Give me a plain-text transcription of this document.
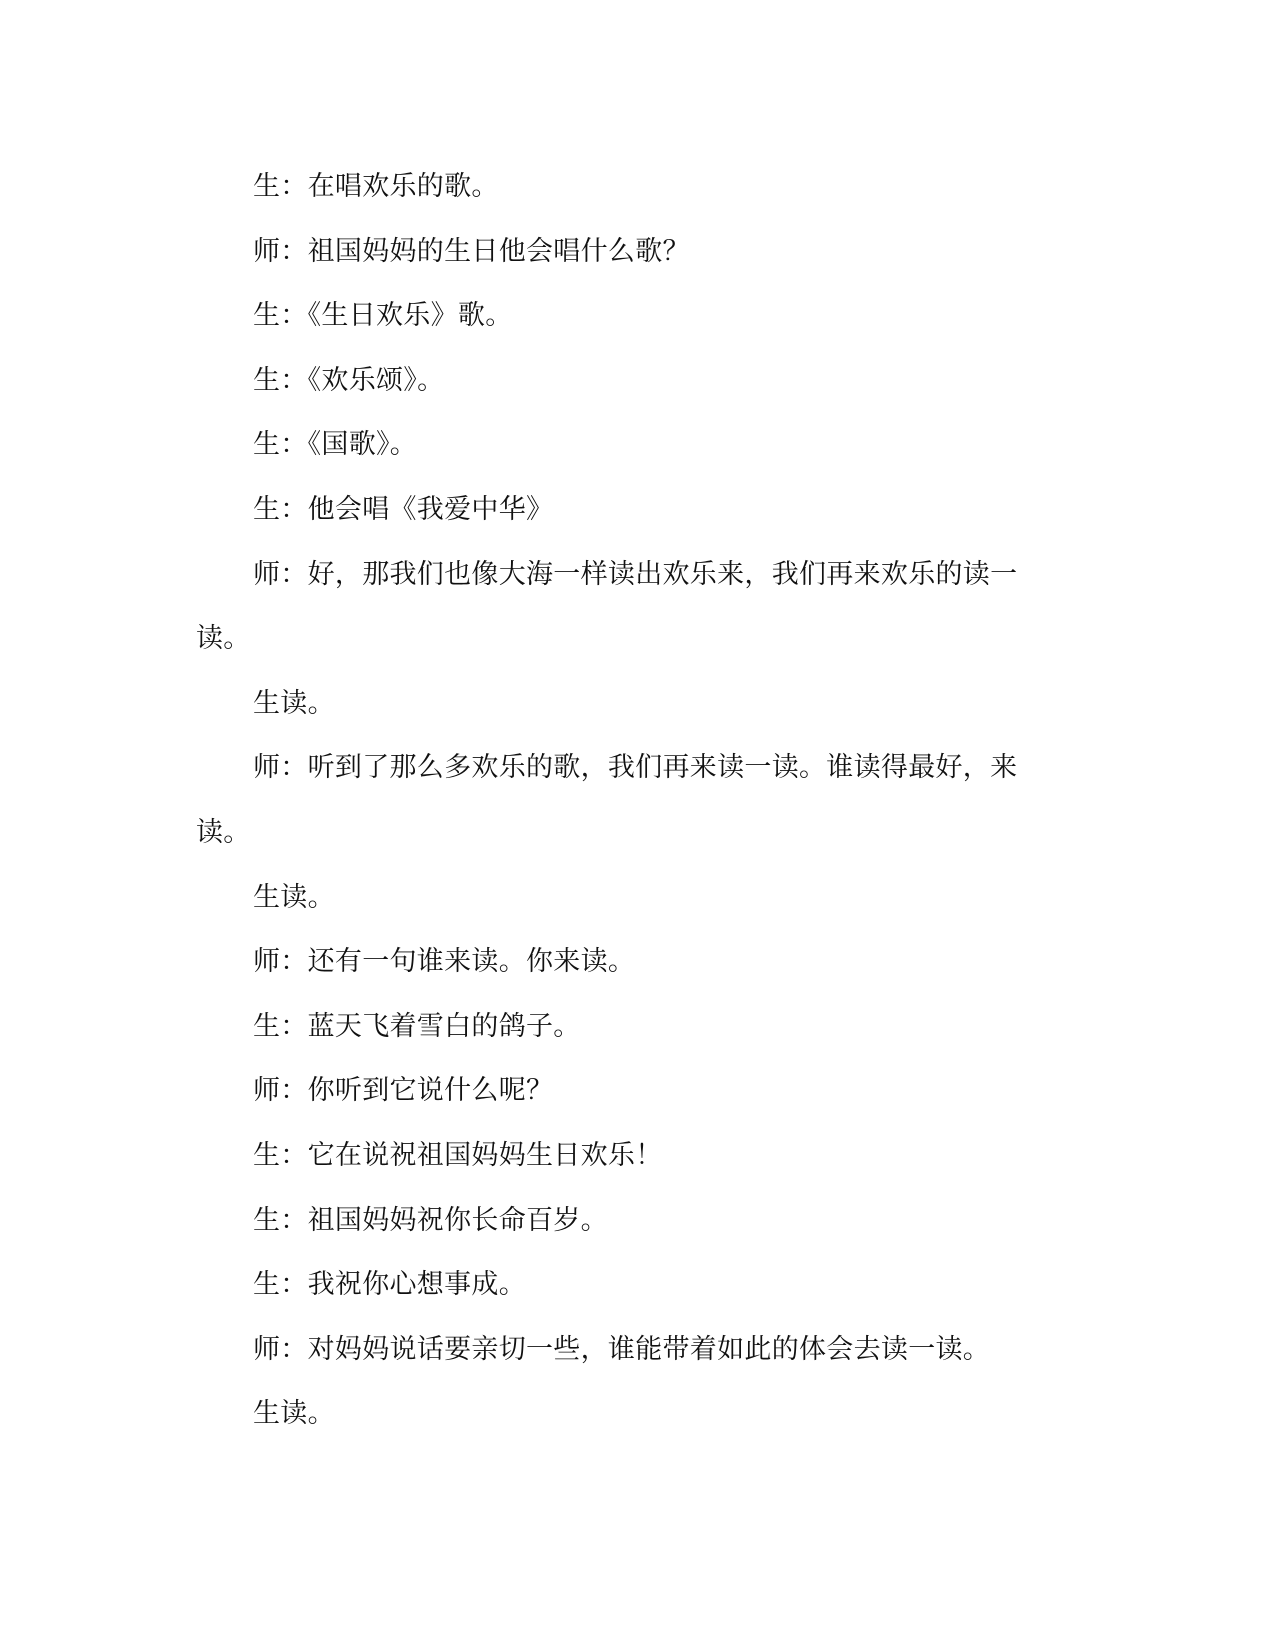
生：在唱欢乐的歌。

师：祖国妈妈的生日他会唱什么歌？

生：《生日欢乐》歌。

生：《欢乐颂》。

生：《国歌》。

生：他会唱《我爱中华》

师：好，那我们也像大海一样读出欢乐来，我们再来欢乐的读一读。

生读。

师：听到了那么多欢乐的歌，我们再来读一读。谁读得最好，来读。

生读。

师：还有一句谁来读。你来读。

生：蓝天飞着雪白的鸽子。

师：你听到它说什么呢？

生：它在说祝祖国妈妈生日欢乐！

生：祖国妈妈祝你长命百岁。

生：我祝你心想事成。

师：对妈妈说话要亲切一些，谁能带着如此的体会去读一读。

生读。
